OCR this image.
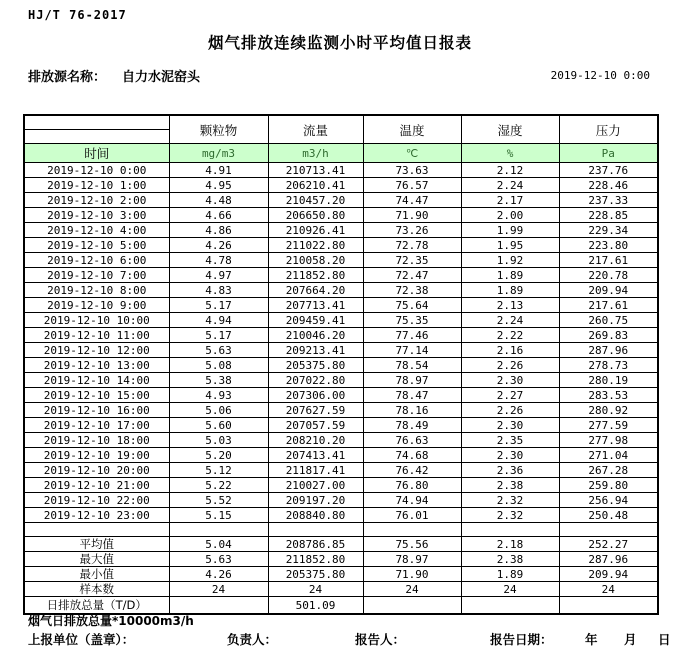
HJ/T 76-2017
烟气排放连续监测小时平均值日报表
排放源名称： 自力水泥窑头	2019-12-10 0:00
	颗粒物	流量	温度	湿度	压力

时间	mg/m3	m3/h	℃	%	Pa
2019-12-10 0:00	4.91	210713.41	73.63	2.12	237.76
2019-12-10 1:00	4.95	206210.41	76.57	2.24	228.46
2019-12-10 2:00	4.48	210457.20	74.47	2.17	237.33
2019-12-10 3:00	4.66	206650.80	71.90	2.00	228.85
2019-12-10 4:00	4.86	210926.41	73.26	1.99	229.34
2019-12-10 5:00	4.26	211022.80	72.78	1.95	223.80
2019-12-10 6:00	4.78	210058.20	72.35	1.92	217.61
2019-12-10 7:00	4.97	211852.80	72.47	1.89	220.78
2019-12-10 8:00	4.83	207664.20	72.38	1.89	209.94
2019-12-10 9:00	5.17	207713.41	75.64	2.13	217.61
2019-12-10 10:00	4.94	209459.41	75.35	2.24	260.75
2019-12-10 11:00	5.17	210046.20	77.46	2.22	269.83
2019-12-10 12:00	5.63	209213.41	77.14	2.16	287.96
2019-12-10 13:00	5.08	205375.80	78.54	2.26	278.73
2019-12-10 14:00	5.38	207022.80	78.97	2.30	280.19
2019-12-10 15:00	4.93	207306.00	78.47	2.27	283.53
2019-12-10 16:00	5.06	207627.59	78.16	2.26	280.92
2019-12-10 17:00	5.60	207057.59	78.49	2.30	277.59
2019-12-10 18:00	5.03	208210.20	76.63	2.35	277.98
2019-12-10 19:00	5.20	207413.41	74.68	2.30	271.04
2019-12-10 20:00	5.12	211817.41	76.42	2.36	267.28
2019-12-10 21:00	5.22	210027.00	76.80	2.38	259.80
2019-12-10 22:00	5.52	209197.20	74.94	2.32	256.94
2019-12-10 23:00	5.15	208840.80	76.01	2.32	250.48

平均值	5.04	208786.85	75.56	2.18	252.27
最大值	5.63	211852.80	78.97	2.38	287.96
最小值	4.26	205375.80	71.90	1.89	209.94
样本数	24	24	24	24	24
日排放总量（T/D）		501.09			
烟气日排放总量*10000m3/h
上报单位（盖章）：	负责人：	报告人：	报告日期：	年 月 日
